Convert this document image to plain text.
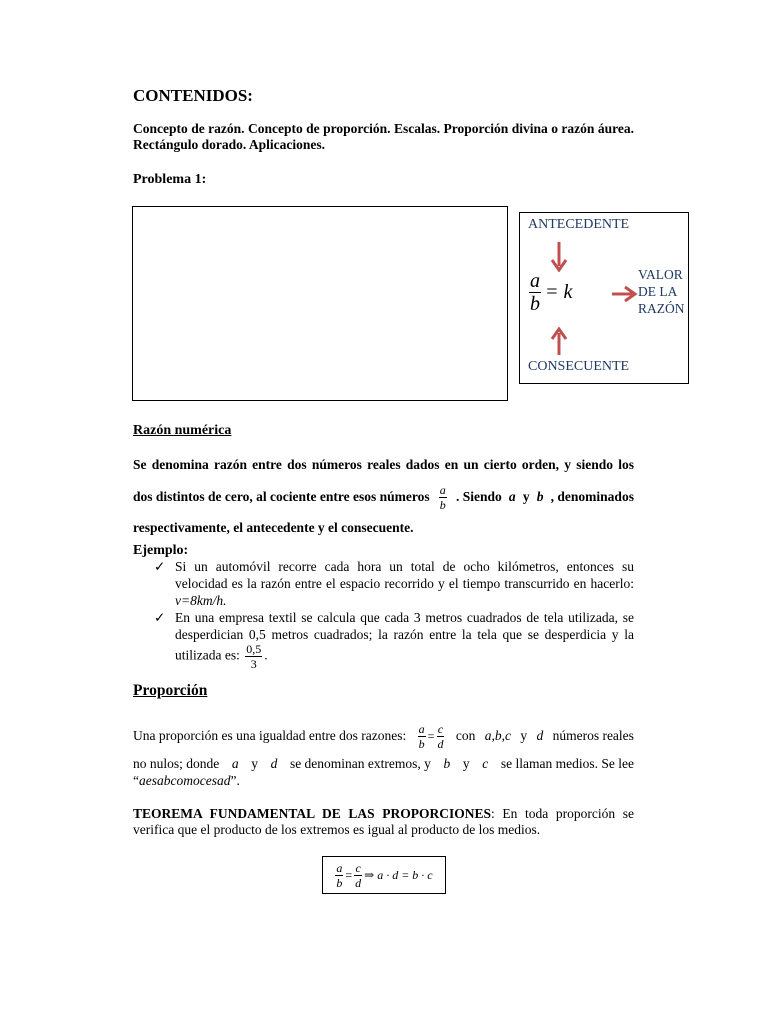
CONTENIDOS:
Concepto de razón. Concepto de proporción. Escalas. Proporción divina o razón áurea. Rectángulo dorado. Aplicaciones.
Problema 1:
ANTECEDENTE
$\frac{a}{b} = k$
VALOR
DE LA
RAZÓN
CONSECUENTE
Razón numérica
Se denomina razón entre dos números reales dados en un cierto orden, y siendo los
dos distintos de cero, al cociente entre esos números $\frac{a}{b}$ . Siendo a y b , denominados
respectivamente, el antecedente y el consecuente.
Ejemplo:
✓ Si un automóvil recorre cada hora un total de ocho kilómetros, entonces su velocidad es la razón entre el espacio recorrido y el tiempo transcurrido en hacerlo: v=8km/h.
✓ En una empresa textil se calcula que cada 3 metros cuadrados de tela utilizada, se desperdician 0,5 metros cuadrados; la razón entre la tela que se desperdicia y la utilizada es: $\frac{0,5}{3}$ .
Proporción
Una proporción es una igualdad entre dos razones: $\frac{a}{b} = \frac{c}{d}$ con a,b,c y d números reales
no nulos; donde a y d se denominan extremos, y b y c se llaman medios. Se lee
“aesabcomocesad”.
TEOREMA FUNDAMENTAL DE LAS PROPORCIONES: En toda proporción se verifica que el producto de los extremos es igual al producto de los medios.
$\frac{a}{b} = \frac{c}{d}$ ⇒ a · d = b · c
